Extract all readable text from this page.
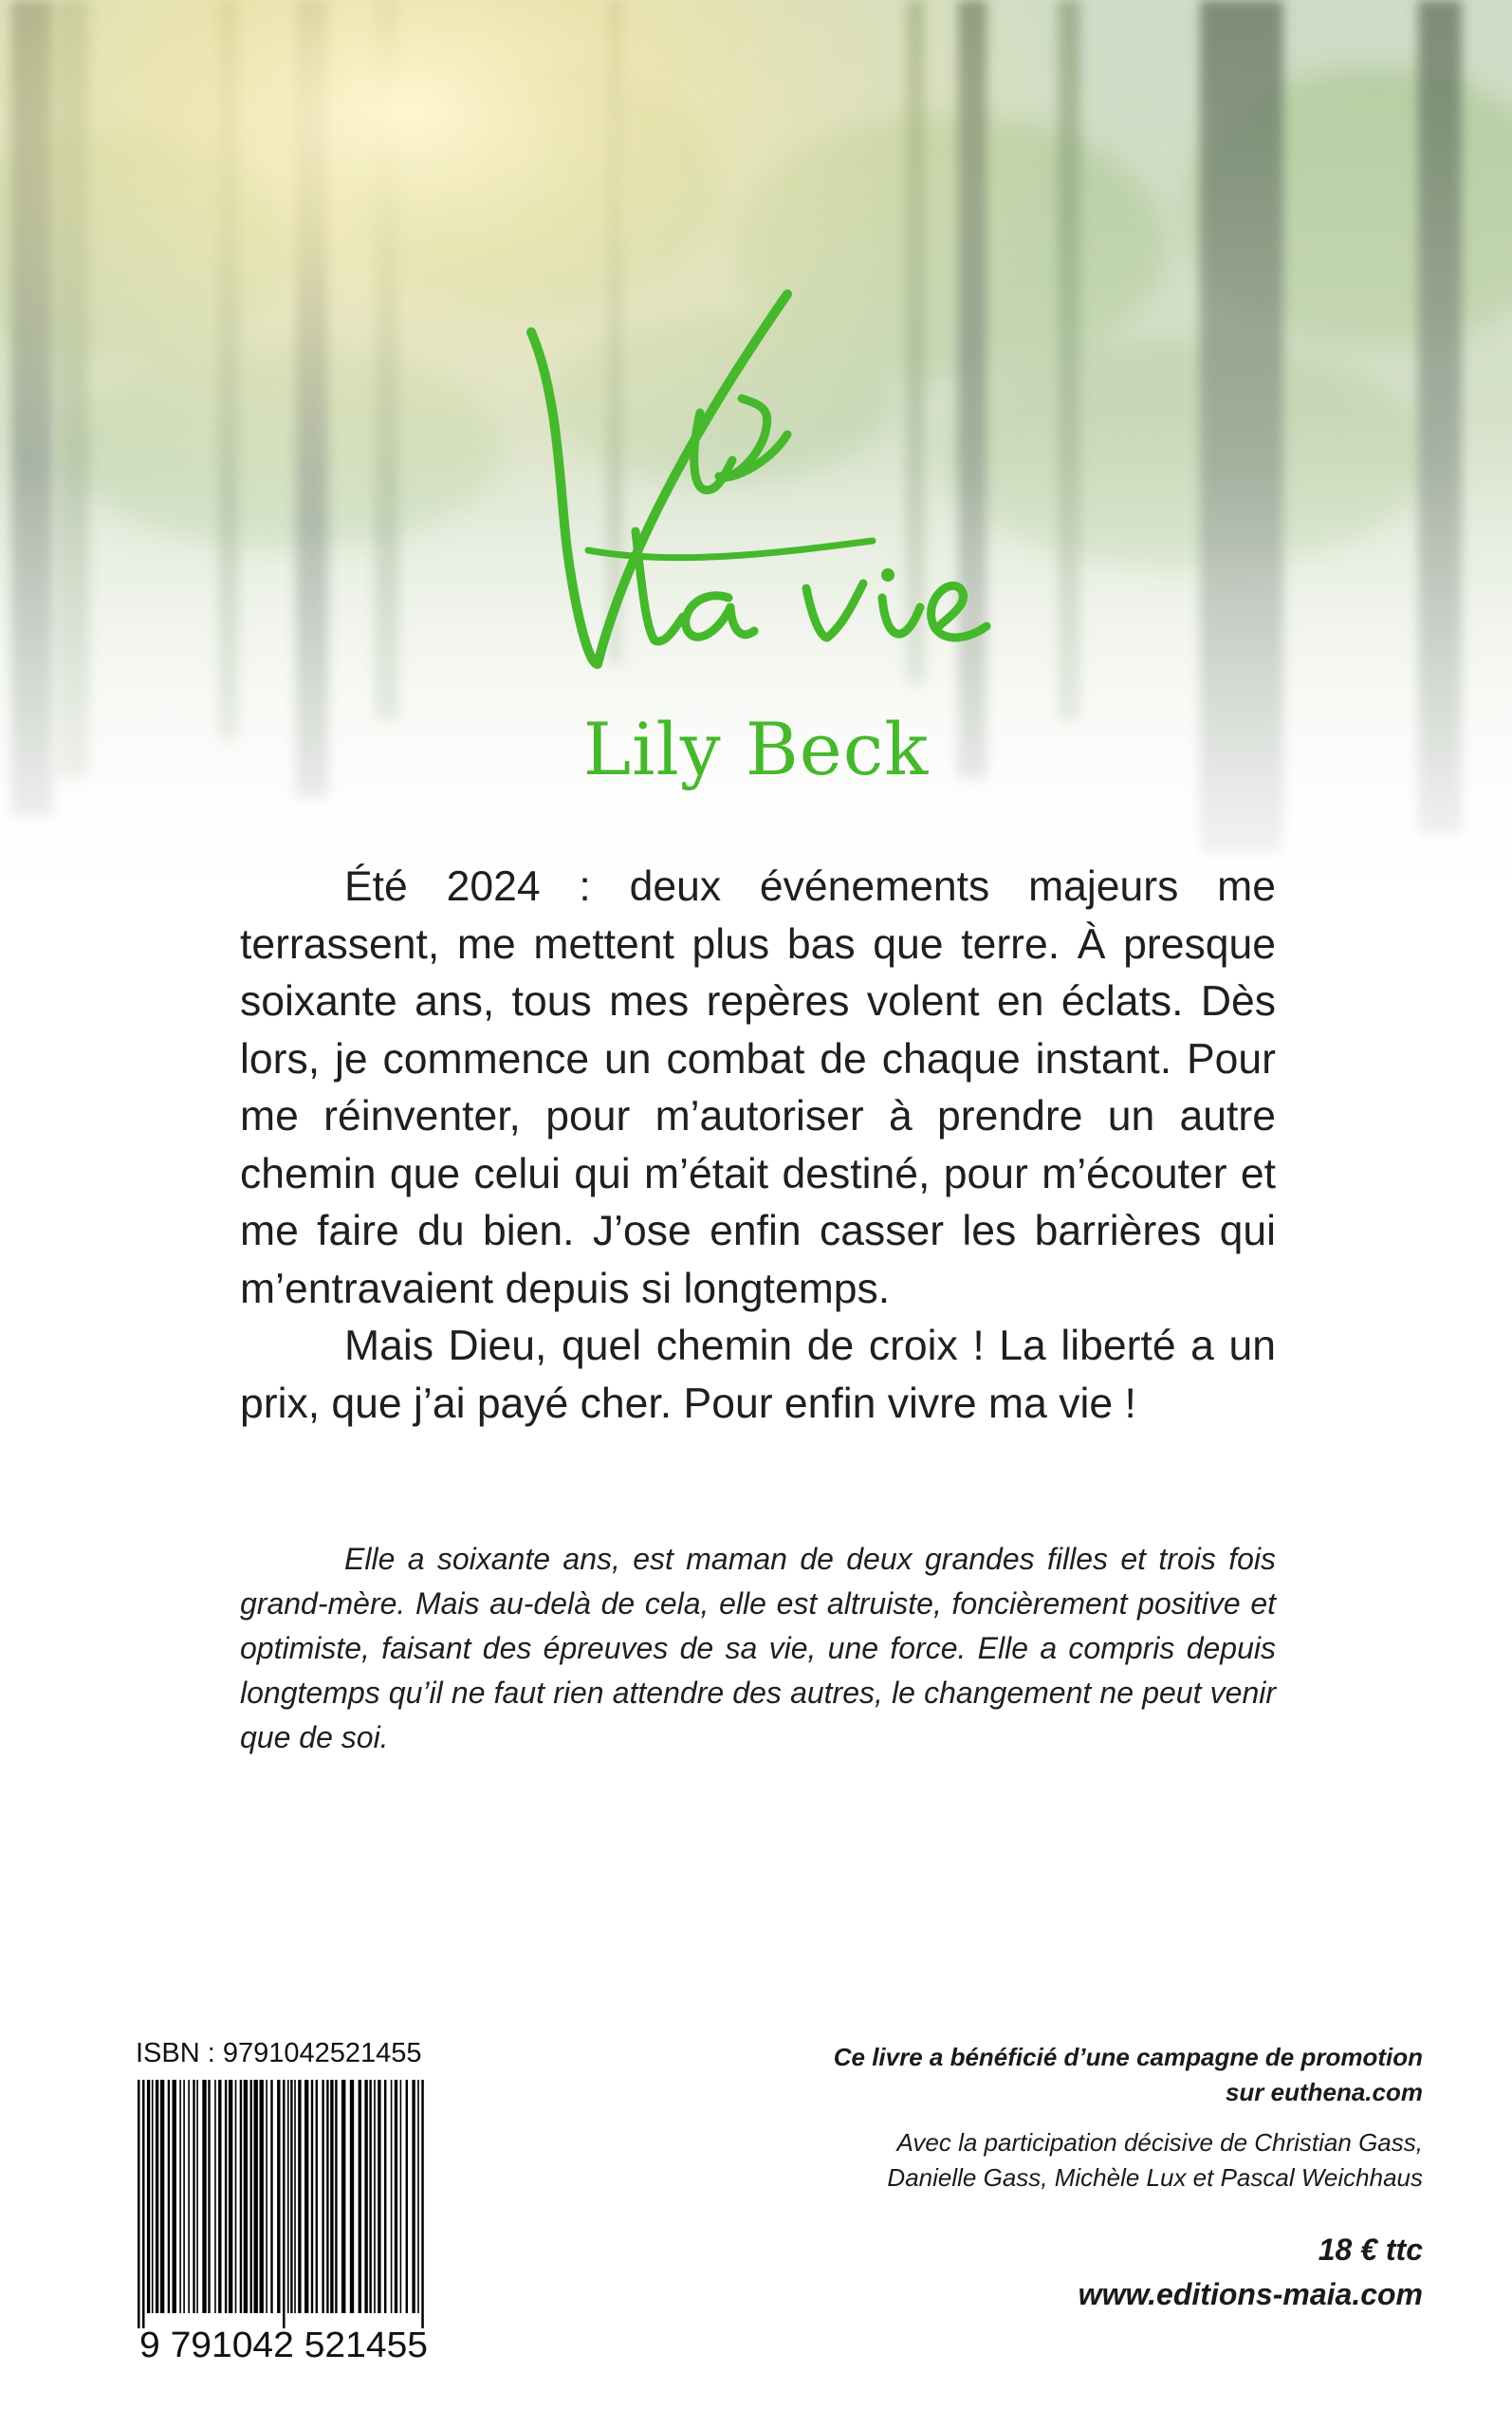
Lily Beck

Été 2024 : deux événements majeurs me terrassent, me mettent plus bas que terre. À presque soixante ans, tous mes repères volent en éclats. Dès lors, je commence un combat de chaque instant. Pour me réinventer, pour m’autoriser à prendre un autre chemin que celui qui m’était destiné, pour m’écouter et me faire du bien. J’ose enfin casser les barrières qui m’entravaient depuis si longtemps.

Mais Dieu, quel chemin de croix ! La liberté a un prix, que j’ai payé cher. Pour enfin vivre ma vie !

Elle a soixante ans, est maman de deux grandes filles et trois fois grand-mère. Mais au-delà de cela, elle est altruiste, foncièrement positive et optimiste, faisant des épreuves de sa vie, une force. Elle a compris depuis longtemps qu’il ne faut rien attendre des autres, le changement ne peut venir que de soi.
ISBN : 9791042521455
9 791042 521455
Ce livre a bénéficié d’une campagne de promotion
sur euthena.com
Avec la participation décisive de Christian Gass,
Danielle Gass, Michèle Lux et Pascal Weichhaus
18 € ttc
www.editions-maia.com
